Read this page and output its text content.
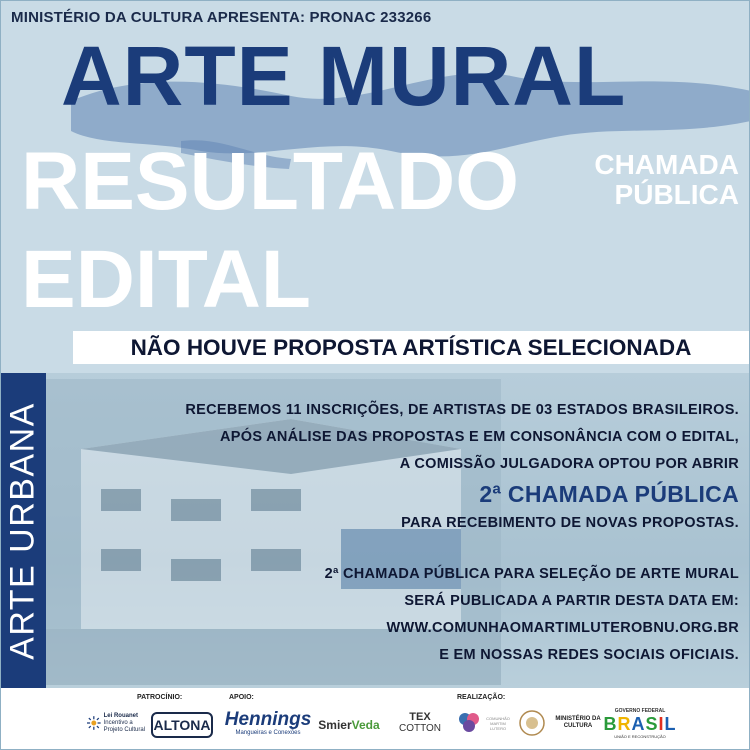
MINISTÉRIO DA CULTURA APRESENTA: PRONAC 233266
ARTE MURAL
RESULTADO
EDITAL
CHAMADA
PÚBLICA
NÃO HOUVE PROPOSTA ARTÍSTICA SELECIONADA
ARTE URBANA	RECEBEMOS 11 INSCRIÇÕES, DE ARTISTAS DE 03 ESTADOS BRASILEIROS.
APÓS ANÁLISE DAS PROPOSTAS E EM CONSONÂNCIA COM O EDITAL,
A COMISSÃO JULGADORA OPTOU POR ABRIR
2ª CHAMADA PÚBLICA
PARA RECEBIMENTO DE NOVAS PROPOSTAS.
2ª CHAMADA PÚBLICA PARA SELEÇÃO DE ARTE MURAL
SERÁ PUBLICADA A PARTIR DESTA DATA EM:
WWW.COMUNHAOMARTIMLUTEROBNU.ORG.BR
E EM NOSSAS REDES SOCIAIS OFICIAIS.
PATROCÍNIO:	APOIO:	REALIZAÇÃO:
Lei Rouanet
Incentivo a
Projeto Cultural ALTONA Hennings
Mangueiras e Conexões
Smier Veda
TEX
COTTON
COMUNHÃO
MARTIM
LUTERO
MINISTÉRIO DA
CULTURA
GOVERNO FEDERAL
BRASIL
UNIÃO E RECONSTRUÇÃO
